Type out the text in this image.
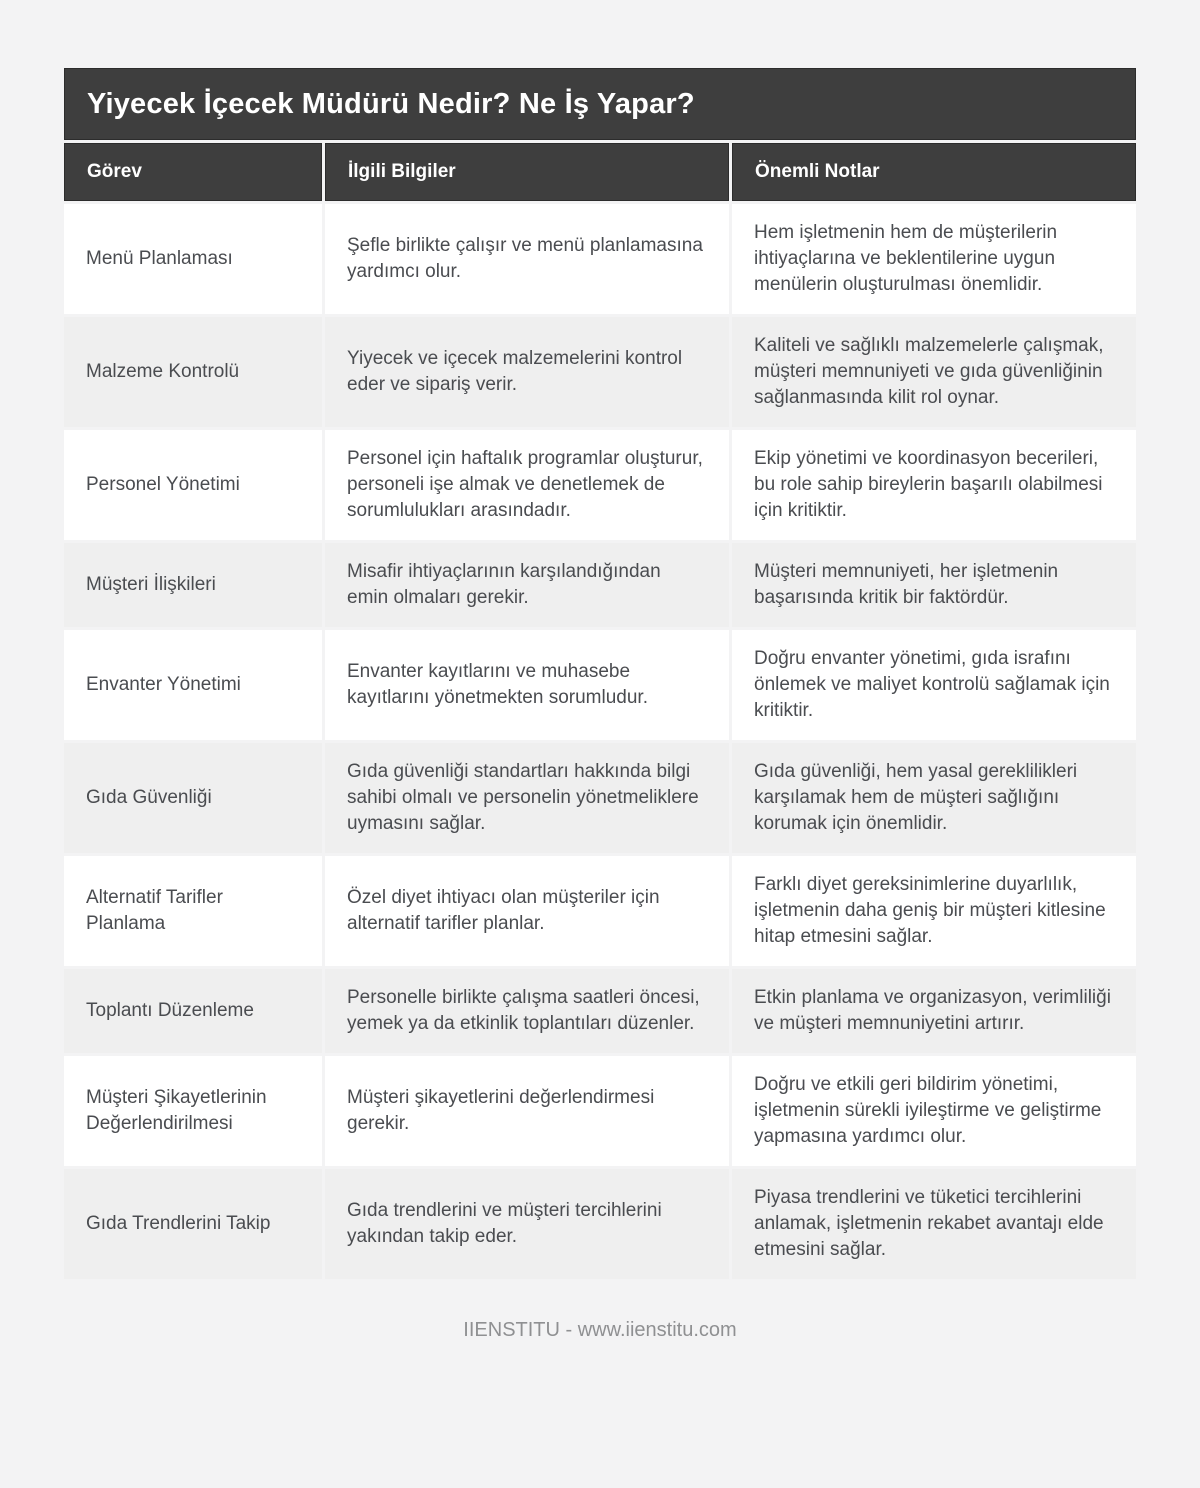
Yiyecek İçecek Müdürü Nedir? Ne İş Yapar?
Görev	İlgili Bilgiler	Önemli Notlar
Menü Planlaması
Şefle birlikte çalışır ve menü planlamasına yardımcı olur.
Hem işletmenin hem de müşterilerin ihtiyaçlarına ve beklentilerine uygun menülerin oluşturulması önemlidir.
Malzeme Kontrolü
Yiyecek ve içecek malzemelerini kontrol eder ve sipariş verir.
Kaliteli ve sağlıklı malzemelerle çalışmak, müşteri memnuniyeti ve gıda güvenliğinin sağlanmasında kilit rol oynar.
Personel Yönetimi
Personel için haftalık programlar oluşturur, personeli işe almak ve denetlemek de sorumlulukları arasındadır.
Ekip yönetimi ve koordinasyon becerileri, bu role sahip bireylerin başarılı olabilmesi için kritiktir.
Müşteri İlişkileri
Misafir ihtiyaçlarının karşılandığından emin olmaları gerekir.
Müşteri memnuniyeti, her işletmenin başarısında kritik bir faktördür.
Envanter Yönetimi
Envanter kayıtlarını ve muhasebe kayıtlarını yönetmekten sorumludur.
Doğru envanter yönetimi, gıda israfını önlemek ve maliyet kontrolü sağlamak için kritiktir.
Gıda Güvenliği
Gıda güvenliği standartları hakkında bilgi sahibi olmalı ve personelin yönetmeliklere uymasını sağlar.
Gıda güvenliği, hem yasal gereklilikleri karşılamak hem de müşteri sağlığını korumak için önemlidir.
Alternatif Tarifler Planlama
Özel diyet ihtiyacı olan müşteriler için alternatif tarifler planlar.
Farklı diyet gereksinimlerine duyarlılık, işletmenin daha geniş bir müşteri kitlesine hitap etmesini sağlar.
Toplantı Düzenleme
Personelle birlikte çalışma saatleri öncesi, yemek ya da etkinlik toplantıları düzenler.
Etkin planlama ve organizasyon, verimliliği ve müşteri memnuniyetini artırır.
Müşteri Şikayetlerinin Değerlendirilmesi
Müşteri şikayetlerini değerlendirmesi gerekir.
Doğru ve etkili geri bildirim yönetimi, işletmenin sürekli iyileştirme ve geliştirme yapmasına yardımcı olur.
Gıda Trendlerini Takip
Gıda trendlerini ve müşteri tercihlerini yakından takip eder.
Piyasa trendlerini ve tüketici tercihlerini anlamak, işletmenin rekabet avantajı elde etmesini sağlar.
IIENSTITU - www.iienstitu.com
